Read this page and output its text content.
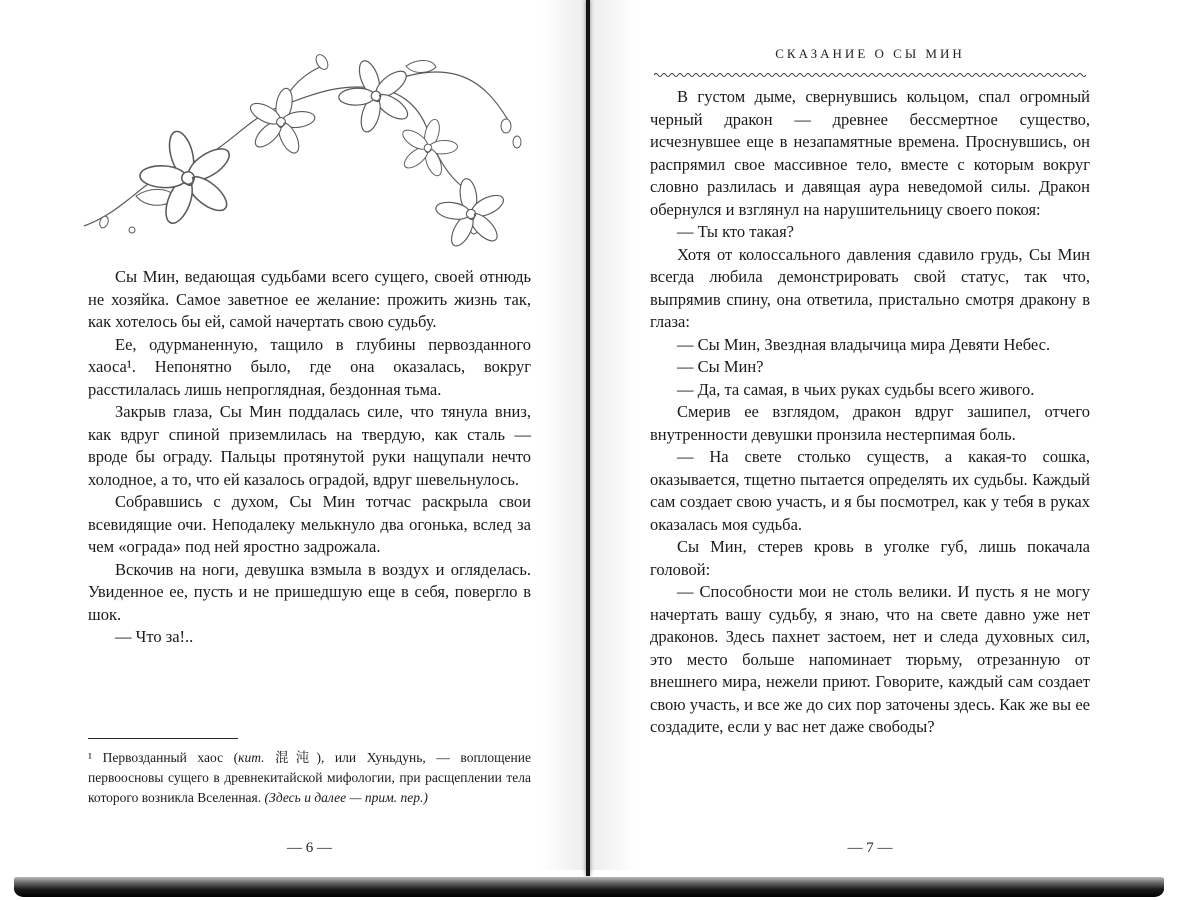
Сы Мин, ведающая судьбами всего сущего, своей отнюдь не хозяйка. Самое заветное ее желание: прожить жизнь так, как хотелось бы ей, самой начертать свою судьбу.

Ее, одурманенную, тащило в глубины первозданного хаоса¹. Непонятно было, где она оказалась, вокруг расстилалась лишь непроглядная, бездонная тьма.

Закрыв глаза, Сы Мин поддалась силе, что тянула вниз, как вдруг спиной приземлилась на твердую, как сталь — вроде бы ограду. Пальцы протянутой руки нащупали нечто холодное, а то, что ей казалось оградой, вдруг шевельнулось.

Собравшись с духом, Сы Мин тотчас раскрыла свои всевидящие очи. Неподалеку мелькнуло два огонька, вслед за чем «ограда» под ней яростно задрожала.

Вскочив на ноги, девушка взмыла в воздух и огляделась. Увиденное ее, пусть и не пришедшую еще в себя, повергло в шок.

— Что за!..

¹ Первозданный хаос (кит. 混沌), или Хуньдунь, — воплощение первоосновы сущего в древнекитайской мифологии, при расщеплении тела которого возникла Вселенная. (Здесь и далее — прим. пер.)

— 6 —
СКАЗАНИЕ О СЫ МИН

В густом дыме, свернувшись кольцом, спал огромный черный дракон — древнее бессмертное существо, исчезнувшее еще в незапамятные времена. Проснувшись, он распрямил свое массивное тело, вместе с которым вокруг словно разлилась и давящая аура неведомой силы. Дракон обернулся и взглянул на нарушительницу своего покоя:

— Ты кто такая?

Хотя от колоссального давления сдавило грудь, Сы Мин всегда любила демонстрировать свой статус, так что, выпрямив спину, она ответила, пристально смотря дракону в глаза:

— Сы Мин, Звездная владычица мира Девяти Небес.

— Сы Мин?

— Да, та самая, в чьих руках судьбы всего живого.

Смерив ее взглядом, дракон вдруг зашипел, отчего внутренности девушки пронзила нестерпимая боль.

— На свете столько существ, а какая-то сошка, оказывается, тщетно пытается определять их судьбы. Каждый сам создает свою участь, и я бы посмотрел, как у тебя в руках оказалась моя судьба.

Сы Мин, стерев кровь в уголке губ, лишь покачала головой:

— Способности мои не столь велики. И пусть я не могу начертать вашу судьбу, я знаю, что на свете давно уже нет драконов. Здесь пахнет застоем, нет и следа духовных сил, это место больше напоминает тюрьму, отрезанную от внешнего мира, нежели приют. Говорите, каждый сам создает свою участь, и все же до сих пор заточены здесь. Как же вы ее создадите, если у вас нет даже свободы?

— 7 —
